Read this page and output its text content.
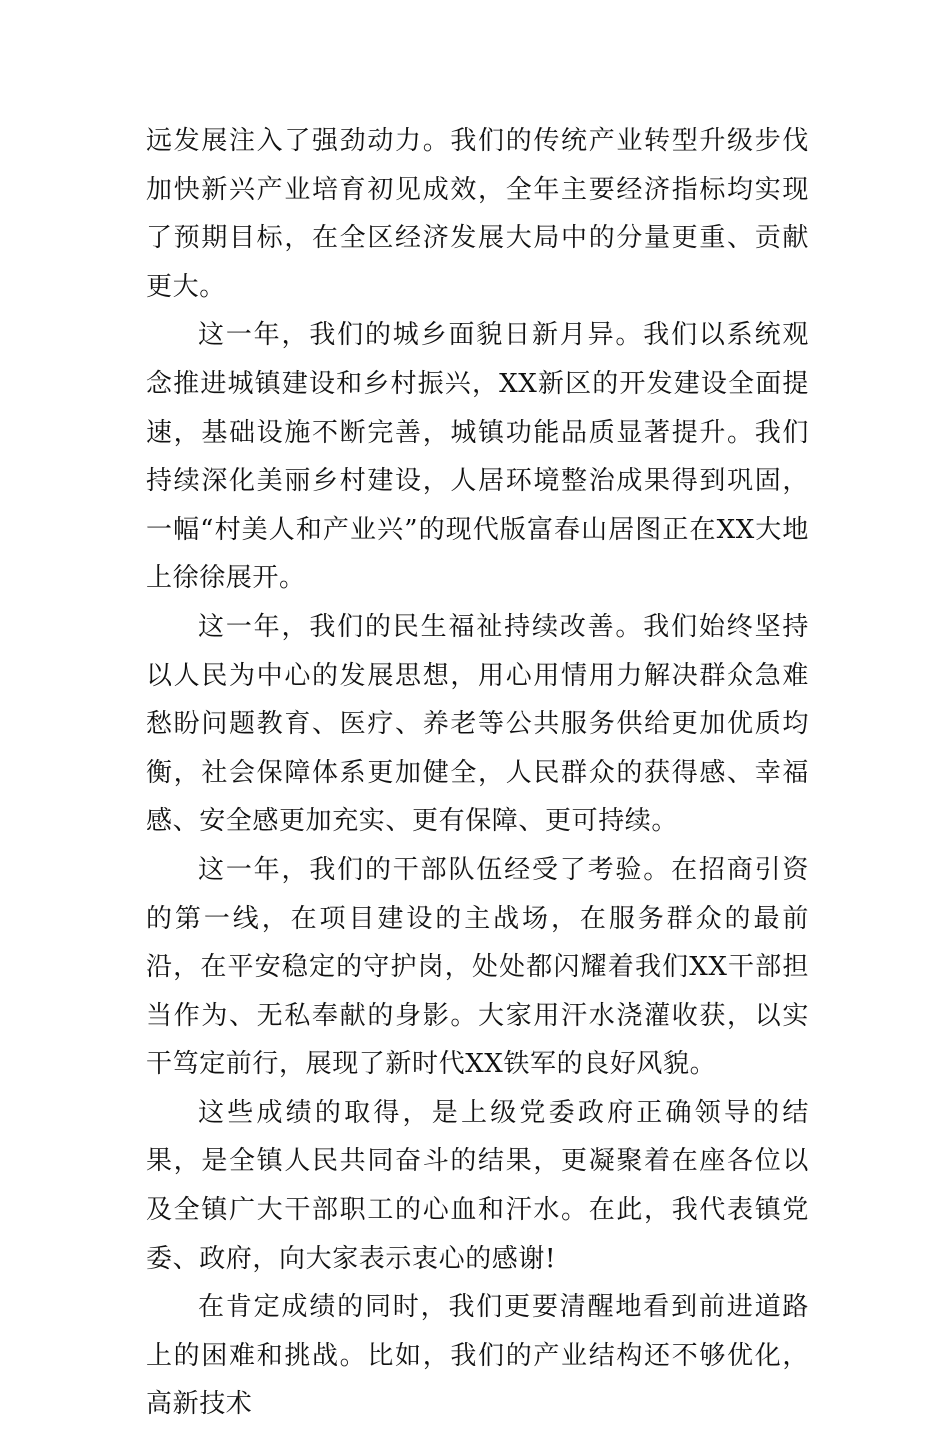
远发展注入了强劲动力。我们的传统产业转型升级步伐加快新兴产业培育初见成效，全年主要经济指标均实现了预期目标，在全区经济发展大局中的分量更重、贡献更大。

这一年，我们的城乡面貌日新月异。我们以系统观念推进城镇建设和乡村振兴，XX新区的开发建设全面提速，基础设施不断完善，城镇功能品质显著提升。我们持续深化美丽乡村建设，人居环境整治成果得到巩固，一幅“村美人和产业兴”的现代版富春山居图正在XX大地上徐徐展开。

这一年，我们的民生福祉持续改善。我们始终坚持以人民为中心的发展思想，用心用情用力解决群众急难愁盼问题教育、医疗、养老等公共服务供给更加优质均衡，社会保障体系更加健全，人民群众的获得感、幸福感、安全感更加充实、更有保障、更可持续。

这一年，我们的干部队伍经受了考验。在招商引资的第一线，在项目建设的主战场，在服务群众的最前沿，在平安稳定的守护岗，处处都闪耀着我们XX干部担当作为、无私奉献的身影。大家用汗水浇灌收获，以实干笃定前行，展现了新时代XX铁军的良好风貌。

这些成绩的取得，是上级党委政府正确领导的结果，是全镇人民共同奋斗的结果，更凝聚着在座各位以及全镇广大干部职工的心血和汗水。在此，我代表镇党委、政府，向大家表示衷心的感谢!

在肯定成绩的同时，我们更要清醒地看到前进道路上的困难和挑战。比如，我们的产业结构还不够优化，高新技术
